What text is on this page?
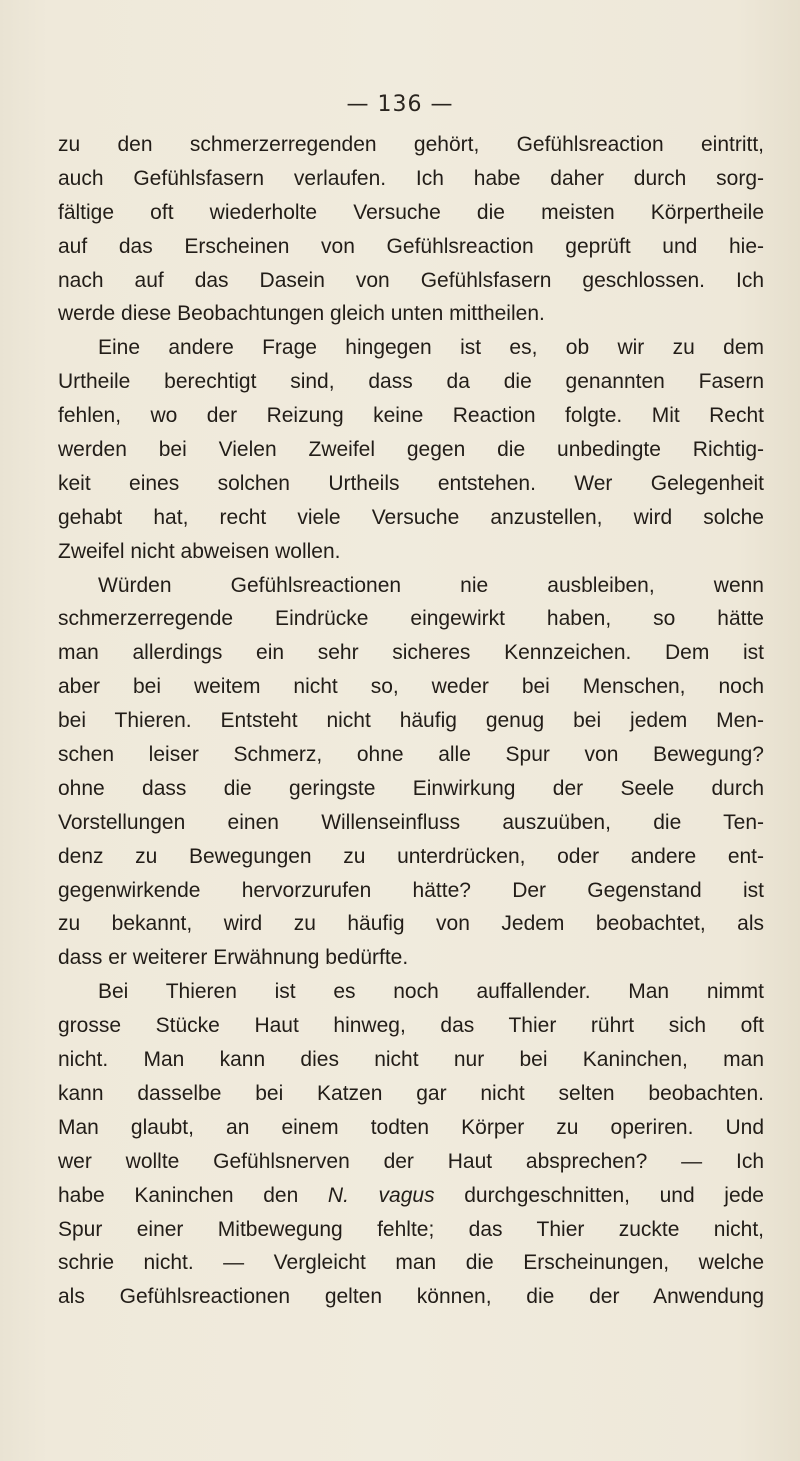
— 136 —
zu den schmerzerregenden gehört, Gefühlsreaction eintritt,
auch Gefühlsfasern verlaufen. Ich habe daher durch sorg-
fältige oft wiederholte Versuche die meisten Körpertheile
auf das Erscheinen von Gefühlsreaction geprüft und hie-
nach auf das Dasein von Gefühlsfasern geschlossen. Ich
werde diese Beobachtungen gleich unten mittheilen.
Eine andere Frage hingegen ist es, ob wir zu dem
Urtheile berechtigt sind, dass da die genannten Fasern
fehlen, wo der Reizung keine Reaction folgte. Mit Recht
werden bei Vielen Zweifel gegen die unbedingte Richtig-
keit eines solchen Urtheils entstehen. Wer Gelegenheit
gehabt hat, recht viele Versuche anzustellen, wird solche
Zweifel nicht abweisen wollen.
Würden Gefühlsreactionen nie ausbleiben, wenn
schmerzerregende Eindrücke eingewirkt haben, so hätte
man allerdings ein sehr sicheres Kennzeichen. Dem ist
aber bei weitem nicht so, weder bei Menschen, noch
bei Thieren. Entsteht nicht häufig genug bei jedem Men-
schen leiser Schmerz, ohne alle Spur von Bewegung?
ohne dass die geringste Einwirkung der Seele durch
Vorstellungen einen Willenseinfluss auszuüben, die Ten-
denz zu Bewegungen zu unterdrücken, oder andere ent-
gegenwirkende hervorzurufen hätte? Der Gegenstand ist
zu bekannt, wird zu häufig von Jedem beobachtet, als
dass er weiterer Erwähnung bedürfte.
Bei Thieren ist es noch auffallender. Man nimmt
grosse Stücke Haut hinweg, das Thier rührt sich oft
nicht. Man kann dies nicht nur bei Kaninchen, man
kann dasselbe bei Katzen gar nicht selten beobachten.
Man glaubt, an einem todten Körper zu operiren. Und
wer wollte Gefühlsnerven der Haut absprechen? — Ich
habe Kaninchen den N. vagus durchgeschnitten, und jede
Spur einer Mitbewegung fehlte; das Thier zuckte nicht,
schrie nicht. — Vergleicht man die Erscheinungen, welche
als Gefühlsreactionen gelten können, die der Anwendung
